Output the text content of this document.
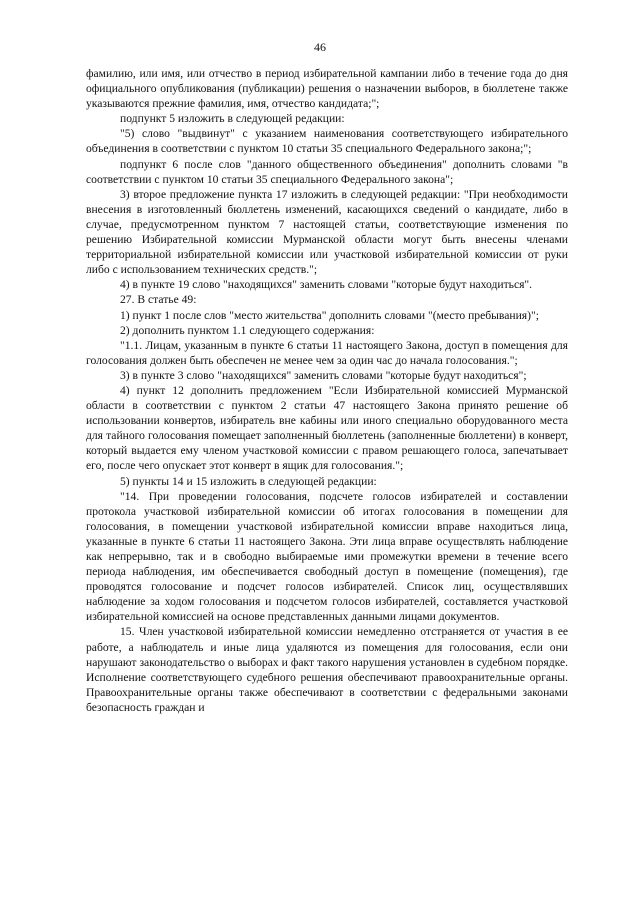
46

фамилию, или имя, или отчество в период избирательной кампании либо в течение года до дня официального опубликования (публикации) решения о назначении выборов, в бюллетене также указываются прежние фамилия, имя, отчество кандидата;";

подпункт 5 изложить в следующей редакции:

"5) слово "выдвинут" с указанием наименования соответствующего избирательного объединения в соответствии с пунктом 10 статьи 35 специального Федерального закона;";

подпункт 6 после слов "данного общественного объединения" дополнить словами "в соответствии с пунктом 10 статьи 35 специального Федерального закона";

3) второе предложение пункта 17 изложить в следующей редакции: "При необходимости внесения в изготовленный бюллетень изменений, касающихся сведений о кандидате, либо в случае, предусмотренном пунктом 7 настоящей статьи, соответствующие изменения по решению Избирательной комиссии Мурманской области могут быть внесены членами территориальной избирательной комиссии или участковой избирательной комиссии от руки либо с использованием технических средств.";

4) в пункте 19 слово "находящихся" заменить словами "которые будут находиться".

27. В статье 49:

1) пункт 1 после слов "место жительства" дополнить словами "(место пребывания)";

2) дополнить пунктом 1.1 следующего содержания:

"1.1. Лицам, указанным в пункте 6 статьи 11 настоящего Закона, доступ в помещения для голосования должен быть обеспечен не менее чем за один час до начала голосования.";

3) в пункте 3 слово "находящихся" заменить словами "которые будут находиться";

4) пункт 12 дополнить предложением "Если Избирательной комиссией Мурманской области в соответствии с пунктом 2 статьи 47 настоящего Закона принято решение об использовании конвертов, избиратель вне кабины или иного специально оборудованного места для тайного голосования помещает заполненный бюллетень (заполненные бюллетени) в конверт, который выдается ему членом участковой комиссии с правом решающего голоса, запечатывает его, после чего опускает этот конверт в ящик для голосования.";

5) пункты 14 и 15 изложить в следующей редакции:

"14. При проведении голосования, подсчете голосов избирателей и составлении протокола участковой избирательной комиссии об итогах голосования в помещении для голосования, в помещении участковой избирательной комиссии вправе находиться лица, указанные в пункте 6 статьи 11 настоящего Закона. Эти лица вправе осуществлять наблюдение как непрерывно, так и в свободно выбираемые ими промежутки времени в течение всего периода наблюдения, им обеспечивается свободный доступ в помещение (помещения), где проводятся голосование и подсчет голосов избирателей. Список лиц, осуществлявших наблюдение за ходом голосования и подсчетом голосов избирателей, составляется участковой избирательной комиссией на основе представленных данными лицами документов.

15. Член участковой избирательной комиссии немедленно отстраняется от участия в ее работе, а наблюдатель и иные лица удаляются из помещения для голосования, если они нарушают законодательство о выборах и факт такого нарушения установлен в судебном порядке. Исполнение соответствующего судебного решения обеспечивают правоохранительные органы. Правоохранительные органы также обеспечивают в соответствии с федеральными законами безопасность граждан и
